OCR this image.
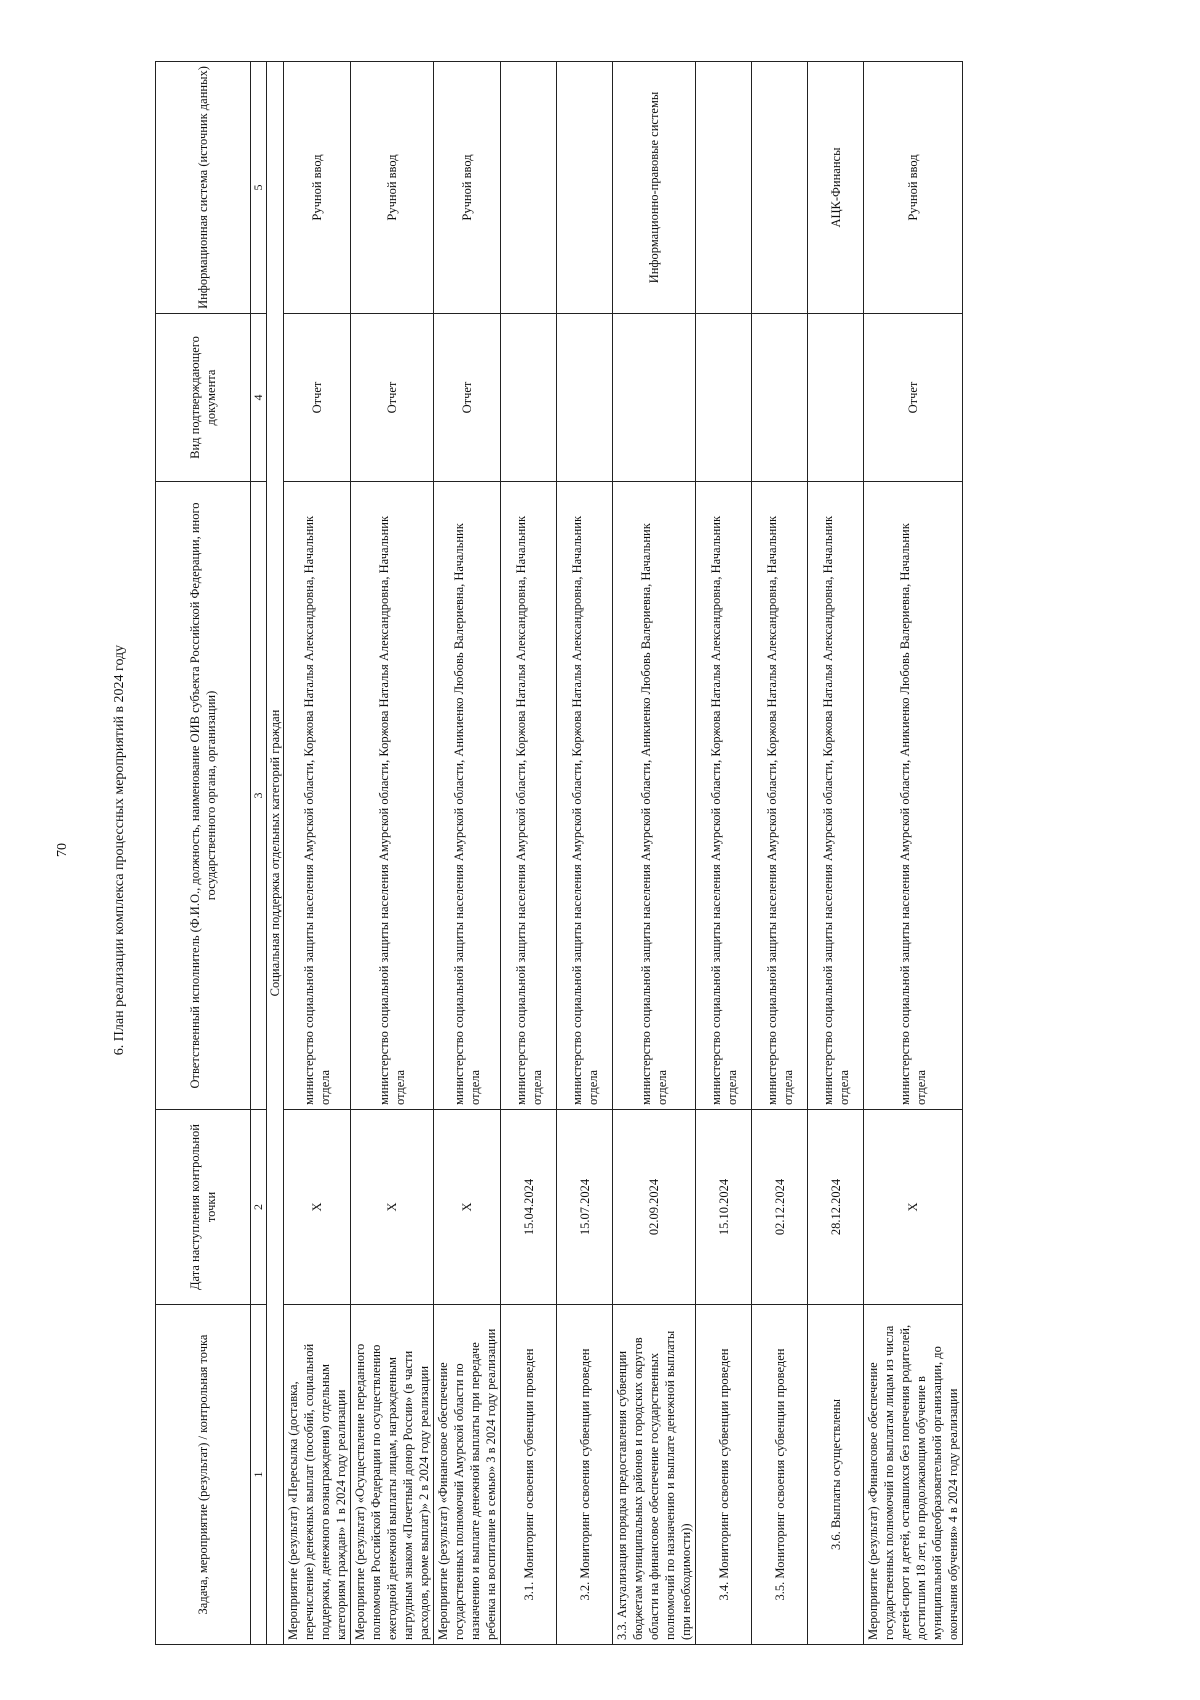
70	6. План реализации комплекса процессных мероприятий в 2024 году
Задача, мероприятие (результат) / контрольная точка	Дата наступления контрольной точки	Ответственный исполнитель (Ф.И.О., должность, наименование ОИВ субъекта Российской Федерации, иного государственного органа, организации)	Вид подтверждающего документа	Информационная система (источник данных)
1	2	3	4	5
Социальная поддержка отдельных категорий граждан				
Мероприятие (результат) «Пересылка (доставка, перечисление) денежных выплат (пособий, социальной поддержки, денежного вознаграждения) отдельным категориям граждан» 1 в 2024 году реализации	X	министерство социальной защиты населения Амурской области, Коржова Наталья Александровна, Начальник отдела	Отчет	Ручной ввод
Мероприятие (результат) «Осуществление переданного полномочия Российской Федерации по осуществлению ежегодной денежной выплаты лицам, награжденным нагрудным знаком «Почетный донор России» (в части расходов, кроме выплат)» 2 в 2024 году реализации	X	министерство социальной защиты населения Амурской области, Коржова Наталья Александровна, Начальник отдела	Отчет	Ручной ввод
Мероприятие (результат) «Финансовое обеспечение государственных полномочий Амурской области по назначению и выплате денежной выплаты при передаче ребенка на воспитание в семью» 3 в 2024 году реализации	X	министерство социальной защиты населения Амурской области, Аникиенко Любовь Валериевна, Начальник отдела	Отчет	Ручной ввод
3.1. Мониторинг освоения субвенции проведен	15.04.2024	министерство социальной защиты населения Амурской области, Коржова Наталья Александровна, Начальник отдела		
3.2. Мониторинг освоения субвенции проведен	15.07.2024	министерство социальной защиты населения Амурской области, Коржова Наталья Александровна, Начальник отдела		
3.3. Актуализация порядка предоставления субвенции бюджетам муниципальных районов и городских округов области на финансовое обеспечение государственных полномочий по назначению и выплате денежной выплаты (при необходимости))	02.09.2024	министерство социальной защиты населения Амурской области, Аникиенко Любовь Валериевна, Начальник отдела		Информационно-правовые системы
3.4. Мониторинг освоения субвенции проведен	15.10.2024	министерство социальной защиты населения Амурской области, Коржова Наталья Александровна, Начальник отдела		
3.5. Мониторинг освоения субвенции проведен	02.12.2024	министерство социальной защиты населения Амурской области, Коржова Наталья Александровна, Начальник отдела		
3.6. Выплаты осуществлены	28.12.2024	министерство социальной защиты населения Амурской области, Коржова Наталья Александровна, Начальник отдела		АЦК-Финансы
Мероприятие (результат) «Финансовое обеспечение государственных полномочий по выплатам лицам из числа детей-сирот и детей, оставшихся без попечения родителей, достигшим 18 лет, но продолжающим обучение в муниципальной общеобразовательной организации, до окончания обучения» 4 в 2024 году реализации	X	министерство социальной защиты населения Амурской области, Аникиенко Любовь Валериевна, Начальник отдела	Отчет	Ручной ввод
